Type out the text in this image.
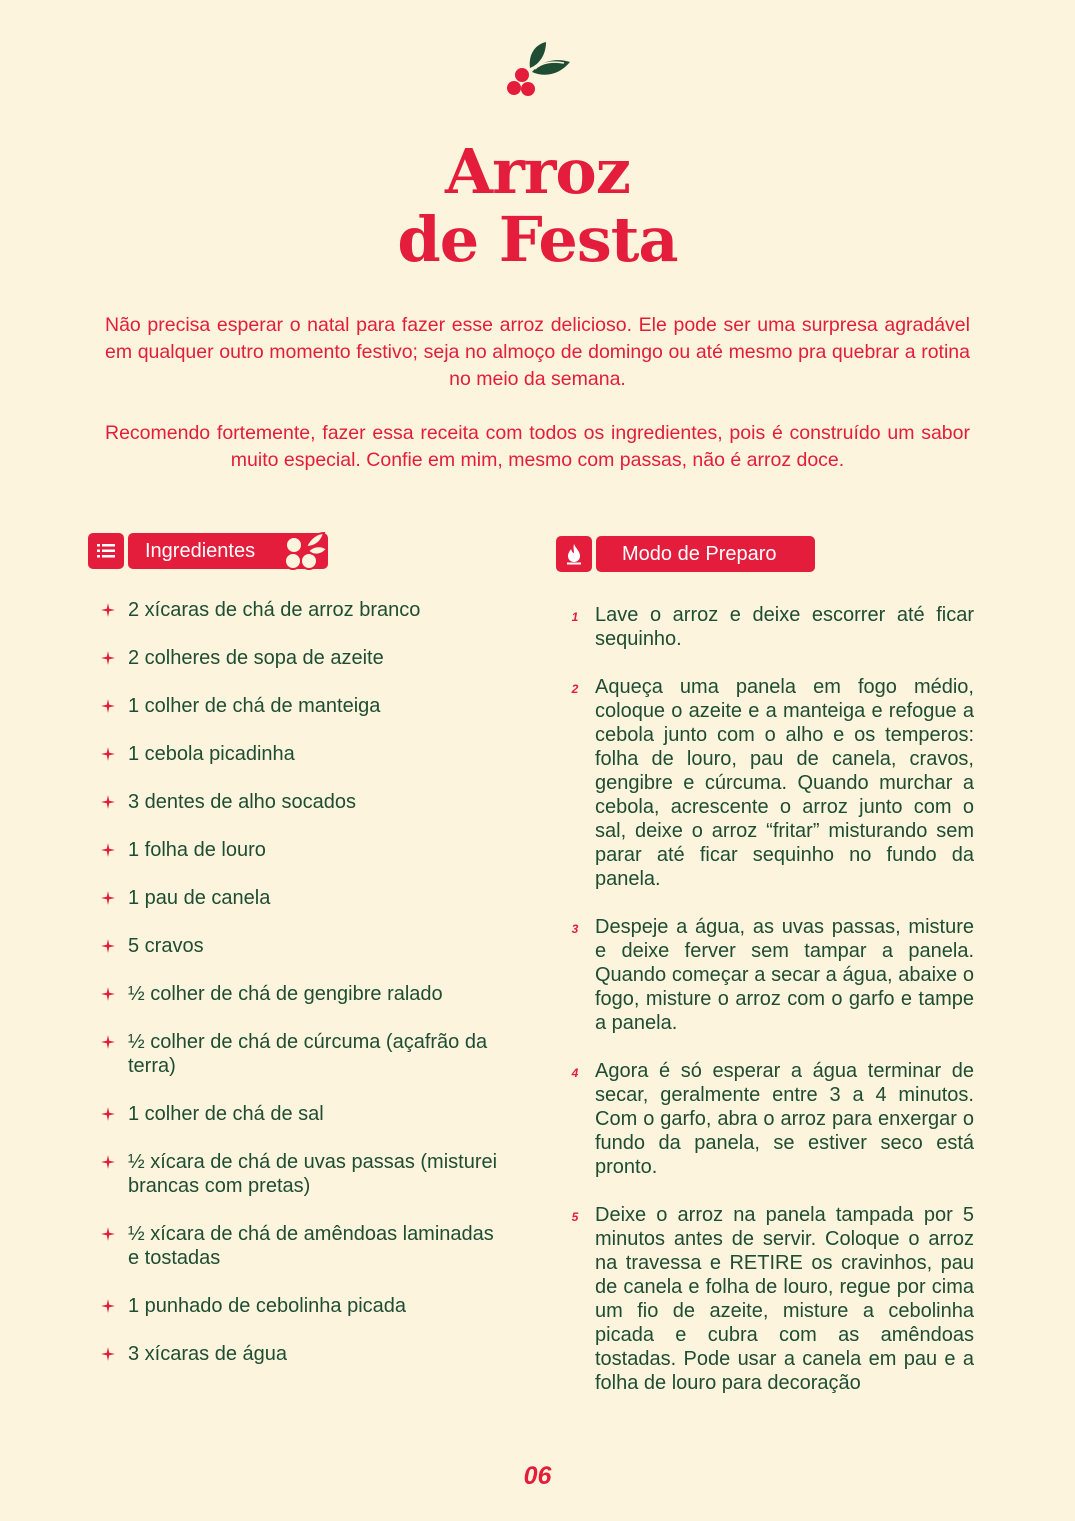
Arroz
de Festa

Não precisa esperar o natal para fazer esse arroz delicioso. Ele pode ser uma surpresa agradável em qualquer outro momento festivo; seja no almoço de domingo ou até mesmo pra quebrar a rotina no meio da semana.

Recomendo fortemente, fazer essa receita com todos os ingredientes, pois é construído um sabor muito especial. Confie em mim, mesmo com passas, não é arroz doce.

Ingredientes	Modo de Preparo
2 xícaras de chá de arroz branco
2 colheres de sopa de azeite
1 colher de chá de manteiga
1 cebola picadinha
3 dentes de alho socados
1 folha de louro
1 pau de canela
5 cravos
½ colher de chá de gengibre ralado
½ colher de chá de cúrcuma (açafrão da terra)
1 colher de chá de sal
½ xícara de chá de uvas passas (misturei brancas com pretas)
½ xícara de chá de amêndoas laminadas e tostadas
1 punhado de cebolinha picada
3 xícaras de água
1 Lave o arroz e deixe escorrer até ficar sequinho.
2 Aqueça uma panela em fogo médio, coloque o azeite e a manteiga e refogue a cebola junto com o alho e os temperos: folha de louro, pau de canela, cravos, gengibre e cúrcuma. Quando murchar a cebola, acrescente o arroz junto com o sal, deixe o arroz “fritar” misturando sem parar até ficar sequinho no fundo da panela.
3 Despeje a água, as uvas passas, misture e deixe ferver sem tampar a panela. Quando começar a secar a água, abaixe o fogo, misture o arroz com o garfo e tampe a panela.
4 Agora é só esperar a água terminar de secar, geralmente entre 3 a 4 minutos. Com o garfo, abra o arroz para enxergar o fundo da panela, se estiver seco está pronto.
5 Deixe o arroz na panela tampada por 5 minutos antes de servir. Coloque o arroz na travessa e RETIRE os cravinhos, pau de canela e folha de louro, regue por cima um fio de azeite, misture a cebolinha picada e cubra com as amêndoas tostadas. Pode usar a canela em pau e a folha de louro para decoração
06
